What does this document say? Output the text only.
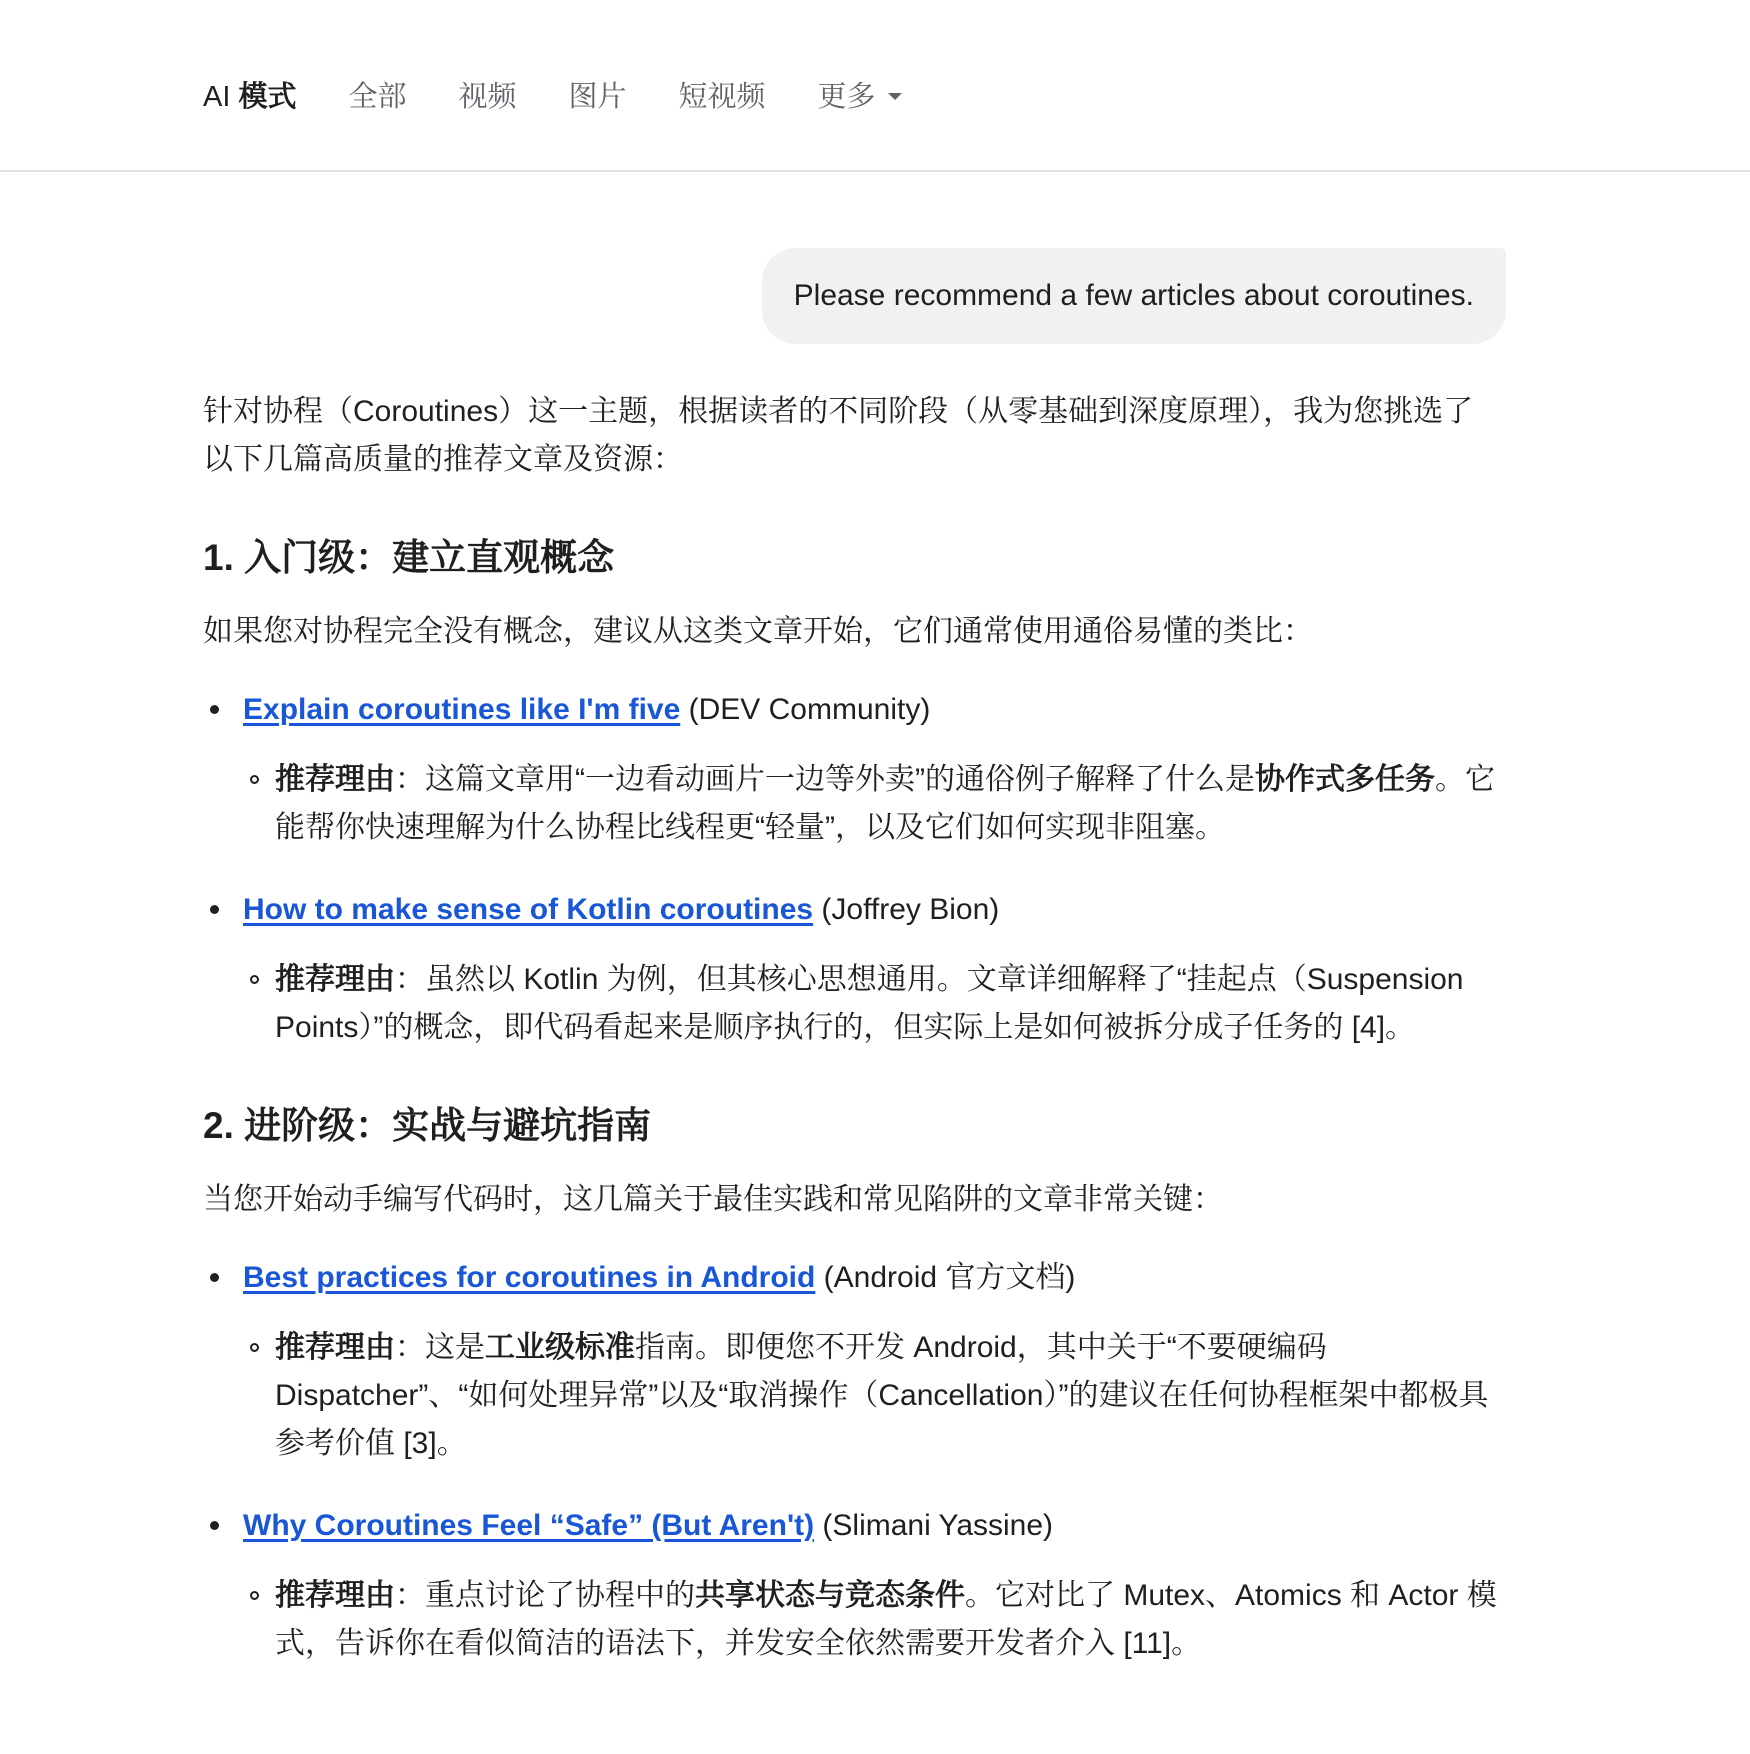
AI 模式 全部 视频 图片 短视频 更多
Please recommend a few articles about coroutines.

针对协程（Coroutines）这一主题，根据读者的不同阶段（从零基础到深度原理），我为您挑选了以下几篇高质量的推荐文章及资源：

1. 入门级：建立直观概念

如果您对协程完全没有概念，建议从这类文章开始，它们通常使用通俗易懂的类比：

Explain coroutines like I'm five (DEV Community)
推荐理由：这篇文章用“一边看动画片一边等外卖”的通俗例子解释了什么是协作式多任务。它能帮你快速理解为什么协程比线程更“轻量”，以及它们如何实现非阻塞。
How to make sense of Kotlin coroutines (Joffrey Bion)
推荐理由：虽然以 Kotlin 为例，但其核心思想通用。文章详细解释了“挂起点（Suspension Points）”的概念，即代码看起来是顺序执行的，但实际上是如何被拆分成子任务的 [4]。
2. 进阶级：实战与避坑指南

当您开始动手编写代码时，这几篇关于最佳实践和常见陷阱的文章非常关键：

Best practices for coroutines in Android (Android 官方文档)
推荐理由：这是工业级标准指南。即便您不开发 Android，其中关于“不要硬编码 Dispatcher”、“如何处理异常”以及“取消操作（Cancellation）”的建议在任何协程框架中都极具参考价值 [3]。
Why Coroutines Feel “Safe” (But Aren't) (Slimani Yassine)
推荐理由：重点讨论了协程中的共享状态与竞态条件。它对比了 Mutex、Atomics 和 Actor 模式，告诉你在看似简洁的语法下，并发安全依然需要开发者介入 [11]。
